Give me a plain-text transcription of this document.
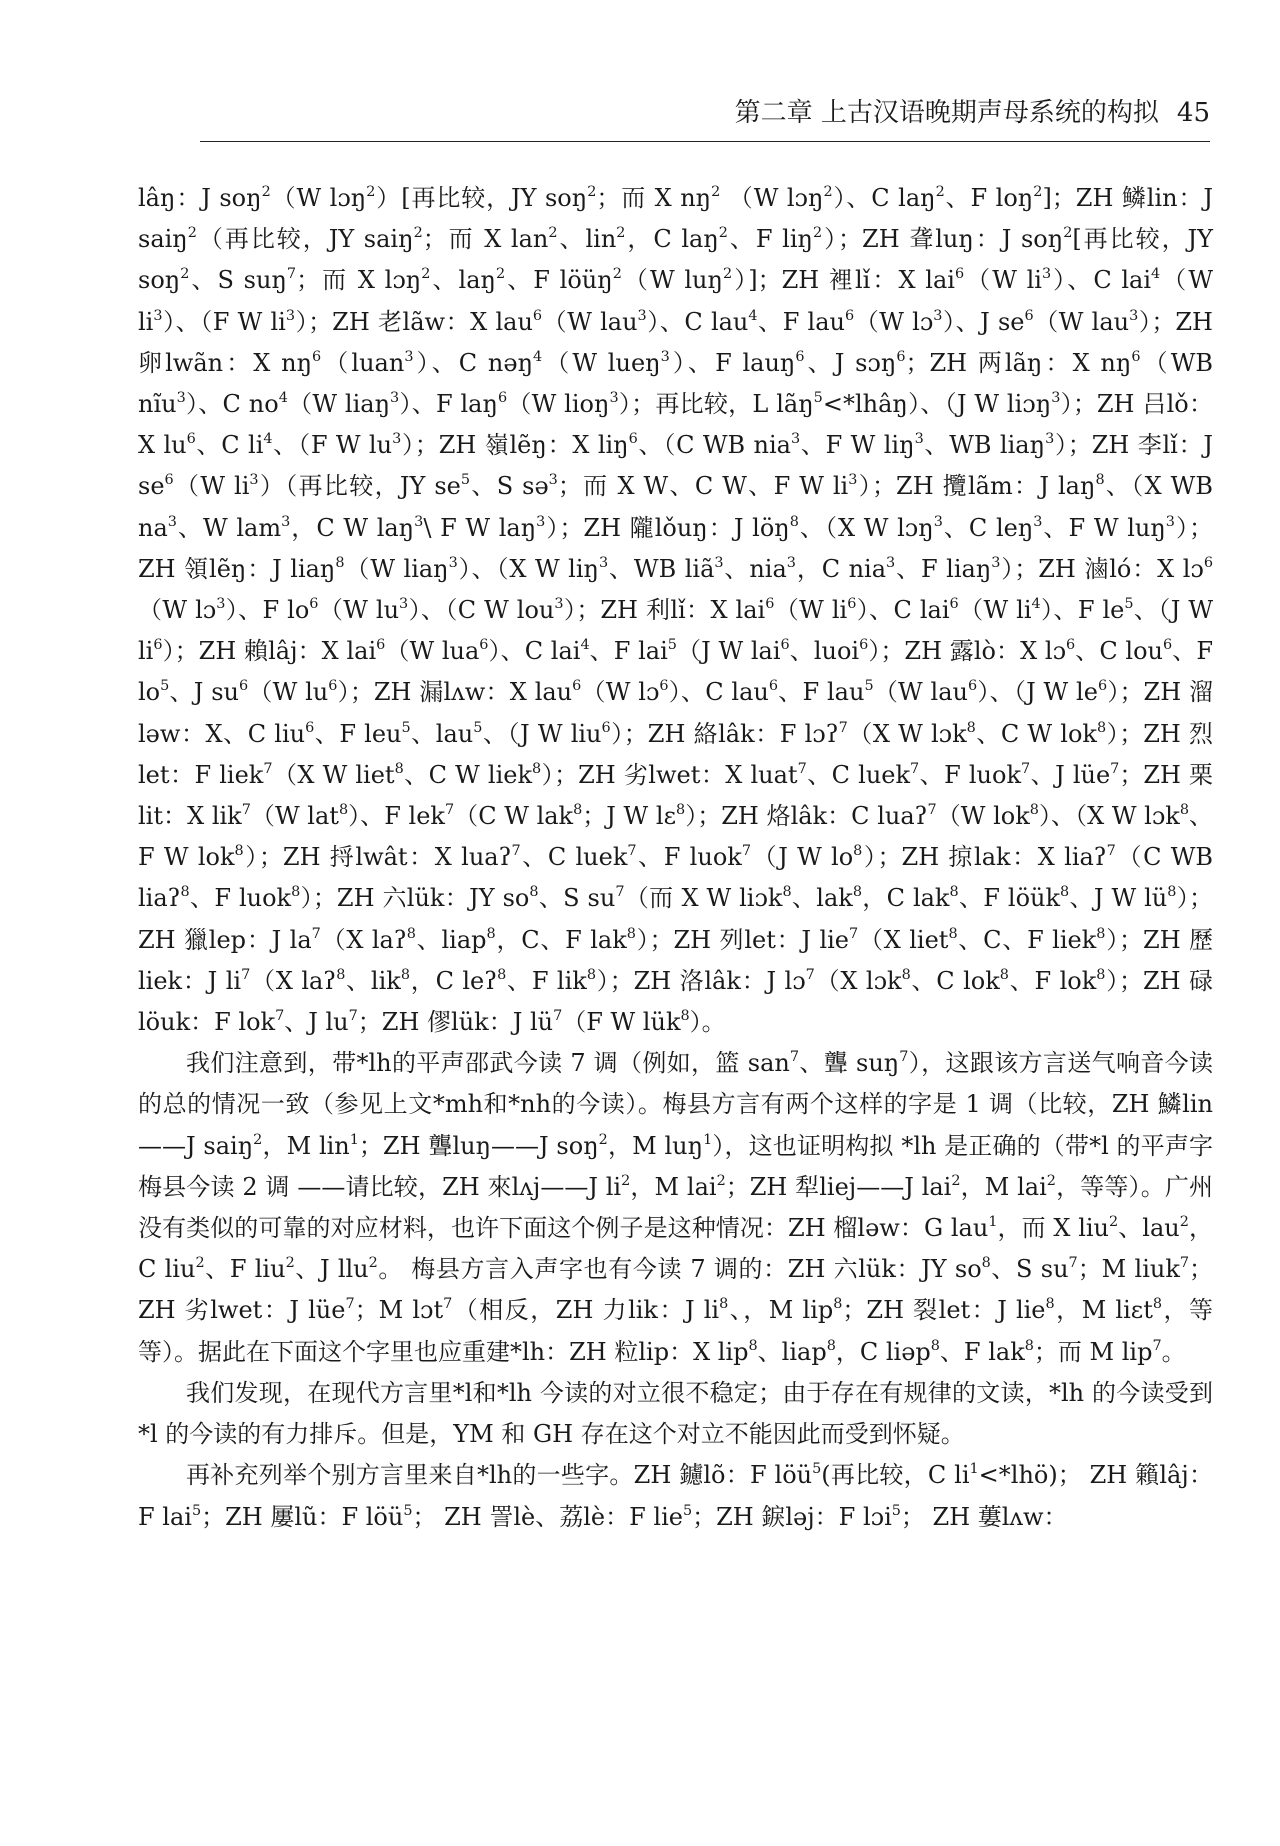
第二章 上古汉语晚期声母系统的构拟 45

lâŋ：J soŋ$^2$（W lɔŋ$^2$）[再比较，JY soŋ$^2$；而 X $nŋ^2$ （W lɔŋ$^2$）、C laŋ$^2$、F loŋ$^2$]；ZH 鳞lin：J saiŋ$^2$（再比较，JY saiŋ$^2$；而 X lan$^2$、lin$^2$，C laŋ$^2$、F liŋ$^2$）；ZH 聋luŋ：J soŋ$^2$[再比较，JY soŋ$^2$、S suŋ$^7$；而 X lɔŋ$^2$、laŋ$^2$、F löüŋ$^2$（W luŋ$^2$）]；ZH 裡lǐ：X lai$^6$（W $li^3$）、C lai$^4$（W $li^3$）、（F W $li^3$）；ZH 老lãw：X lau$^6$（W lau$^3$）、C lau$^4$、F lau$^6$（W lɔ$^3$）、J $se^6(W$ lau$^3$）；ZH 卵lwãn：X $nŋ^6(luan^3)$、C nəŋ$^4$（W lueŋ$^3$）、F lauŋ$^6$、J sɔŋ$^6$；ZH 两lãŋ：X $nŋ^6(WB$ nĩu$^3$）、C $no^4(W$ liaŋ$^3$）、F laŋ$^6$（W lioŋ$^3$）；再比较，L lãŋ$^5$<*lhâŋ）、（J W liɔŋ$^3$）；ZH 吕lǒ：X $lu^6$、C $li^4$、（F W $lu^3$）；ZH 嶺lẽŋ：X liŋ$^6$、（C WB nia$^3$、F W liŋ$^3$、WB liaŋ$^3$）；ZH 李lǐ：J $se^6(W$ $li^3$）（再比较，JY $se^5$、S sə$^3$；而 X W、C W、F W $li^3$）；ZH 攬lãm：J laŋ$^8$、（X WB $na^3$、W lam$^3$，C W laŋ$^3$\ F W laŋ$^3$）；ZH 隴lǒuŋ：J lӧŋ$^8$、（X W lɔŋ$^3$、C leŋ$^3$、F W luŋ$^3$）；ZH 領lẽŋ：J liaŋ$^8$（W liaŋ$^3$）、（X W liŋ$^3$、WB liã$^3$、nia$^3$，C nia$^3$、F liaŋ$^3$）；ZH 滷ló：X lɔ$^6$（W lɔ$^3$）、F $lo^6(W$ $lu^3$）、（C W lou$^3$）；ZH 利lǐ：X lai$^6$（W $li^6$）、C lai$^6$（W $li^4$）、F $le^5$、（J W $li^6$）；ZH 賴lâj：X lai$^6$（W lua$^6$）、C lai$^4$、F lai$^5$（J W lai$^6$、luoi$^6$）；ZH 露lò：X lɔ$^6$、C lou$^6$、F $lo^5$、J $su^6(W$ $lu^6$）；ZH 漏lʌw：X lau$^6$（W lɔ$^6$）、C lau$^6$、F lau$^5$（W lau$^6$）、（J W $le^6$）；ZH 溜ləw：X、C liu$^6$、F leu$^5$、lau$^5$、（J W liu$^6$）；ZH 絡lâk：F lɔʔ$^7$（X W lɔk$^8$、C W lok$^8$）；ZH 烈let：F liek$^7$（X W liet$^8$、C W liek$^8$）；ZH 劣lwet：X luat$^7$、C luek$^7$、F luok$^7$、J lüe$^7$；ZH 栗lit：X lik$^7$（W lat$^8$）、F lek$^7$（C W lak$^8$；J W lɛ$^8$）；ZH 烙lâk：C luaʔ$^7$（W lok$^8$）、（X W lɔk$^8$、F W lok$^8$）；ZH 捋lwât：X luaʔ$^7$、C luek$^7$、F luok$^7$（J W $lo^8$）；ZH 掠lak：X liaʔ$^7$（C WB liaʔ$^8$、F luok$^8$）；ZH 六lük：JY $so^8$、S $su^7$（而 X W liɔk$^8$、lak$^8$，C lak$^8$、F löük$^8$、J W $lü^8$）；ZH 獵lep：J $la^7(X$ laʔ$^8$、liap$^8$，C、F lak$^8$）；ZH 列let：J lie$^7$（X liet$^8$、C、F liek$^8$）；ZH 歷liek：J $li^7(X$ laʔ$^8$、lik$^8$，C leʔ$^8$、F lik$^8$）；ZH 洛lâk：J lɔ$^7$（X lɔk$^8$、C lok$^8$、F lok$^8$）；ZH 碌löuk：F lok$^7$、J $lu^7$；ZH 僇lük：J $lü^7(F$ W lük$^8$）。

我们注意到，带*lh的平声邵武今读 7 调（例如，篮 san$^7$、聾 suŋ$^7$），这跟该方言送气响音今读的总的情况一致（参见上文*mh和*nh的今读）。梅县方言有两个这样的字是 1 调（比较，ZH 鱗lin——J saiŋ$^2$，M lin$^1$；ZH 聾luŋ——J soŋ$^2$，M luŋ$^1$），这也证明构拟 *lh 是正确的（带*l 的平声字梅县今读 2 调 ——请比较，ZH 來lʌj——J $li^2$，M lai$^2$；ZH 犁liej——J lai$^2$，M lai$^2$，等等）。广州没有类似的可靠的对应材料，也许下面这个例子是这种情况：ZH 榴ləw：G lau$^1$，而 X liu$^2$、lau$^2$，C liu$^2$、F liu$^2$、J llu$^2$。 梅县方言入声字也有今读 7 调的：ZH 六lük：JY $so^8$、S $su^7$；M liuk$^7$；ZH 劣lwet：J lüe$^7$；M lɔt$^7$（相反，ZH 力lik：J $li^8$、，M lip$^8$；ZH 裂let：J lie$^8$，M liɛt$^8$，等等）。据此在下面这个字里也应重建*lh：ZH 粒lip：X lip$^8$、liap$^8$，C liəp$^8$、F lak$^8$；而 M lip$^7$。

我们发现，在现代方言里*l和*lh 今读的对立很不稳定；由于存在有规律的文读，*lh 的今读受到*l 的今读的有力排斥。但是，YM 和 GH 存在这个对立不能因此而受到怀疑。

再补充列举个别方言里来自*lh的一些字。ZH 鑢lõ：F löü$^5$(再比较，C $li^1<*lhö$)； ZH 籟lâj：F lai$^5$；ZH 屢lũ：F löü$^5$； ZH 詈lè、荔lè：F lie$^5$；ZH 錑lǝj：F lɔi$^5$； ZH 蔞lʌw：
